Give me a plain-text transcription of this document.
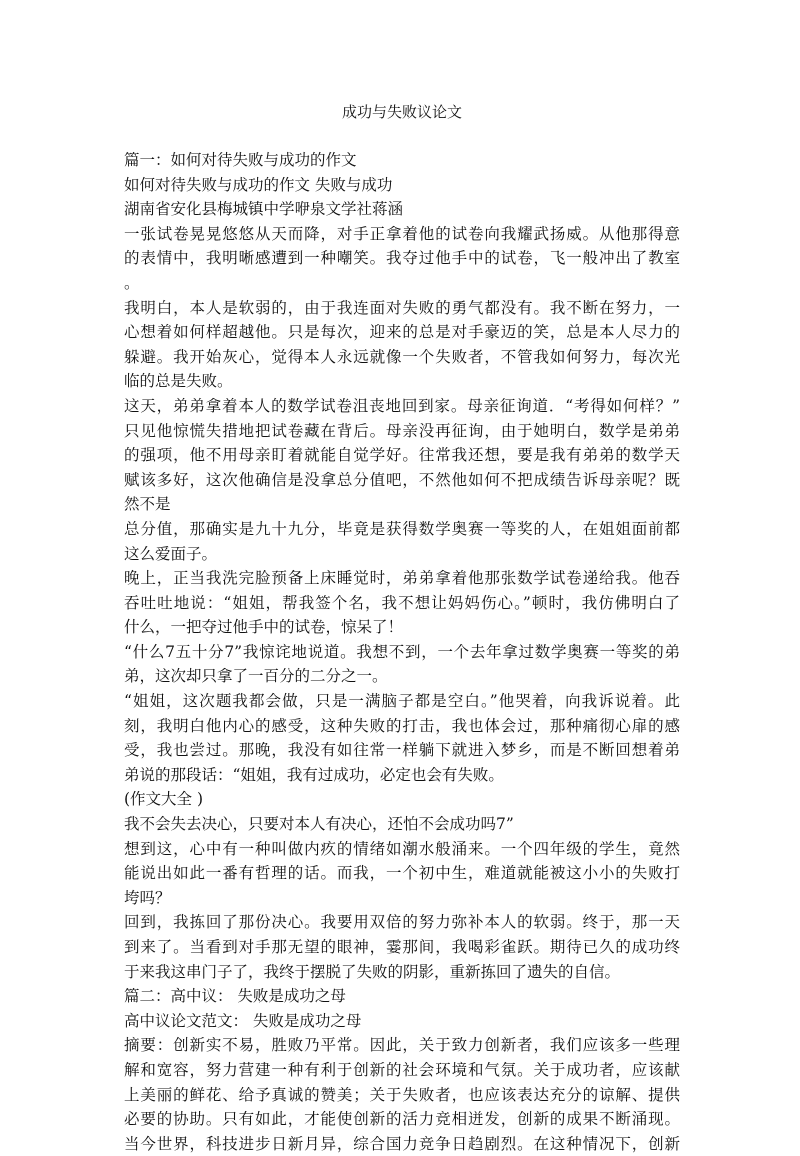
成功与失败议论文
篇一：如何对待失败与成功的作文
如何对待失败与成功的作文 失败与成功
湖南省安化县梅城镇中学咿泉文学社蒋涵
一张试卷晃晃悠悠从天而降，对手正拿着他的试卷向我耀武扬威。从他那得意
的表情中，我明晰感遭到一种嘲笑。我夺过他手中的试卷，飞一般冲出了教室
。
我明白，本人是软弱的，由于我连面对失败的勇气都没有。我不断在努力，一
心想着如何样超越他。只是每次，迎来的总是对手豪迈的笑，总是本人尽力的
躲避。我开始灰心，觉得本人永远就像一个失败者，不管我如何努力，每次光
临的总是失败。
这天，弟弟拿着本人的数学试卷沮丧地回到家。母亲征询道．“考得如何样？”
只见他惊慌失措地把试卷藏在背后。母亲没再征询，由于她明白，数学是弟弟
的强项，他不用母亲盯着就能自觉学好。往常我还想，要是我有弟弟的数学天
赋该多好，这次他确信是没拿总分值吧，不然他如何不把成绩告诉母亲呢？既
然不是
总分值，那确实是九十九分，毕竟是获得数学奥赛一等奖的人，在姐姐面前都
这么爱面子。
晚上，正当我洗完脸预备上床睡觉时，弟弟拿着他那张数学试卷递给我。他吞
吞吐吐地说：“姐姐，帮我签个名，我不想让妈妈伤心。”顿时，我仿佛明白了
什么，一把夺过他手中的试卷，惊呆了！
“什么7五十分7”我惊诧地说道。我想不到，一个去年拿过数学奥赛一等奖的弟
弟，这次却只拿了一百分的二分之一。
“姐姐，这次题我都会做，只是一满脑子都是空白。”他哭着，向我诉说着。此
刻，我明白他内心的感受，这种失败的打击，我也体会过，那种痛彻心扉的感
受，我也尝过。那晚，我没有如往常一样躺下就进入梦乡，而是不断回想着弟
弟说的那段话：“姐姐，我有过成功，必定也会有失败。
(作文大全 )
我不会失去决心，只要对本人有决心，还怕不会成功吗7”
想到这，心中有一种叫做内疚的情绪如潮水般涌来。一个四年级的学生，竟然
能说出如此一番有哲理的话。而我，一个初中生，难道就能被这小小的失败打
垮吗？
回到，我拣回了那份决心。我要用双倍的努力弥补本人的软弱。终于，那一天
到来了。当看到对手那无望的眼神，霎那间，我喝彩雀跃。期待已久的成功终
于来我这串门子了，我终于摆脱了失败的阴影，重新拣回了遗失的自信。
篇二：高中议： 失败是成功之母
高中议论文范文： 失败是成功之母
摘要：创新实不易，胜败乃平常。因此，关于致力创新者，我们应该多一些理
解和宽容，努力营建一种有利于创新的社会环境和气氛。关于成功者，应该献
上美丽的鲜花、给予真诚的赞美；关于失败者，也应该表达充分的谅解、提供
必要的协助。只有如此，才能使创新的活力竞相迸发，创新的成果不断涌现。
当今世界，科技进步日新月异，综合国力竞争日趋剧烈。在这种情况下，创新
